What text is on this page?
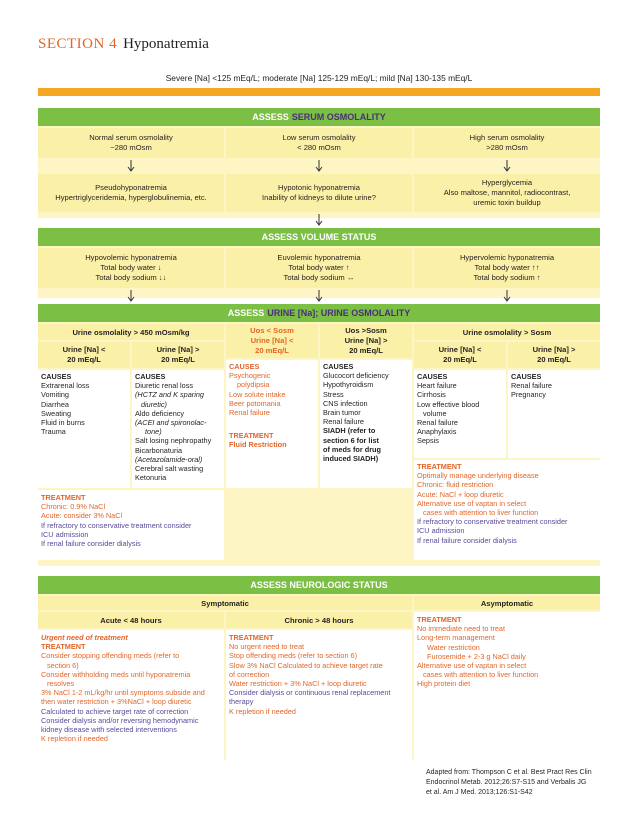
SECTION 4 Hyponatremia
Severe [Na] <125 mEq/L; moderate [Na] 125-129 mEq/L; mild [Na] 130-135 mEq/L
ASSESS SERUM OSMOLALITY
Normal serum osmolality
~280 mOsm
Low serum osmolality
< 280 mOsm
High serum osmolality
>280 mOsm
Pseudohyponatremia
Hypertriglyceridemia, hyperglobulinemia, etc.
Hypotonic hyponatremia
Inability of kidneys to dilute urine?
Hyperglycemia
Also maltose, mannitol, radiocontrast,
uremic toxin buildup
ASSESS VOLUME STATUS
Hypovolemic hyponatremia
Total body water ↓
Total body sodium ↓↓
Euvolemic hyponatremia
Total body water ↑
Total body sodium ↔
Hypervolemic hyponatremia
Total body water ↑↑
Total body sodium ↑
ASSESS URINE [Na]; URINE OSMOLALITY
Urine osmolality > 450 mOsm/kg
Urine [Na] <
20 mEq/L
Urine [Na] >
20 mEq/L
CAUSES
Extrarenal loss
Vomiting
Diarrhea
Sweating
Fluid in burns
Trauma
CAUSES
Diuretic renal loss
(HCTZ and K sparing
diuretic)
Aldo deficiency
(ACEI and spironolac-
tone)
Salt losing nephropathy
Bicarbonaturia
(Acetazolamide-oral)
Cerebral salt wasting
Ketonuria
TREATMENT
Chronic: 0.9% NaCl
Acute: consider 3% NaCl
If refractory to conservative treatment consider
ICU admission
If renal failure consider dialysis
Uos < Sosm
Urine [Na] <
20 mEq/L
Uos >Sosm
Urine [Na] >
20 mEq/L
CAUSES
Psychogenic
polydipsia
Low solute intake
Beer potomania
Renal failure
TREATMENT
Fluid Restriction
CAUSES
Glucocort deficiency
Hypothyroidism
Stress
CNS infection
Brain tumor
Renal failure
SIADH (refer to
section 6 for list
of meds for drug
induced SIADH)
Urine osmolality > Sosm
Urine [Na] <
20 mEq/L
Urine [Na] >
20 mEq/L
CAUSES
Heart failure
Cirrhosis
Low effective blood
volume
Renal failure
Anaphylaxis
Sepsis
CAUSES
Renal failure
Pregnancy
TREATMENT
Optimally manage underlying disease
Chronic: fluid restriction
Acute: NaCl + loop diuretic
Alternative use of vaptan in select
cases with attention to liver function
If refractory to conservative treatment consider
ICU admission
If renal failure consider dialysis
ASSESS NEUROLOGIC STATUS
Symptomatic	Asymptomatic
Acute < 48 hours	Chronic > 48 hours
Urgent need of treatment
TREATMENT
Consider stopping offending meds (refer to
section 6)
Consider withholding meds until hyponatremia
resolves
3% NaCl 1-2 mL/kg/hr until symptoms subside and
then water restriction + 3%NaCl + loop diuretic
Calculated to achieve target rate of correction
Consider dialysis and/or reversing hemodynamic
kidney disease with selected interventions
K repletion if needed
TREATMENT
No urgent need to treat
Stop offending meds (refer to section 6)
Slow 3% NaCl Calculated to achieve target rate
of correction
Water restriction + 3% NaCl + loop diuretic
Consider dialysis or continuous renal replacement
therapy
K repletion if needed
TREATMENT
No immediate need to treat
Long-term management
Water restriction
Furosemide + 2-3 g NaCl daily
Alternative use of vaptan in select
cases with attention to liver function
High protein diet
Adapted from: Thompson C et al. Best Pract Res Clin
Endocrinol Metab. 2012;26:S7-S15 and Verbalis JG
et al. Am J Med. 2013;126:S1-S42
